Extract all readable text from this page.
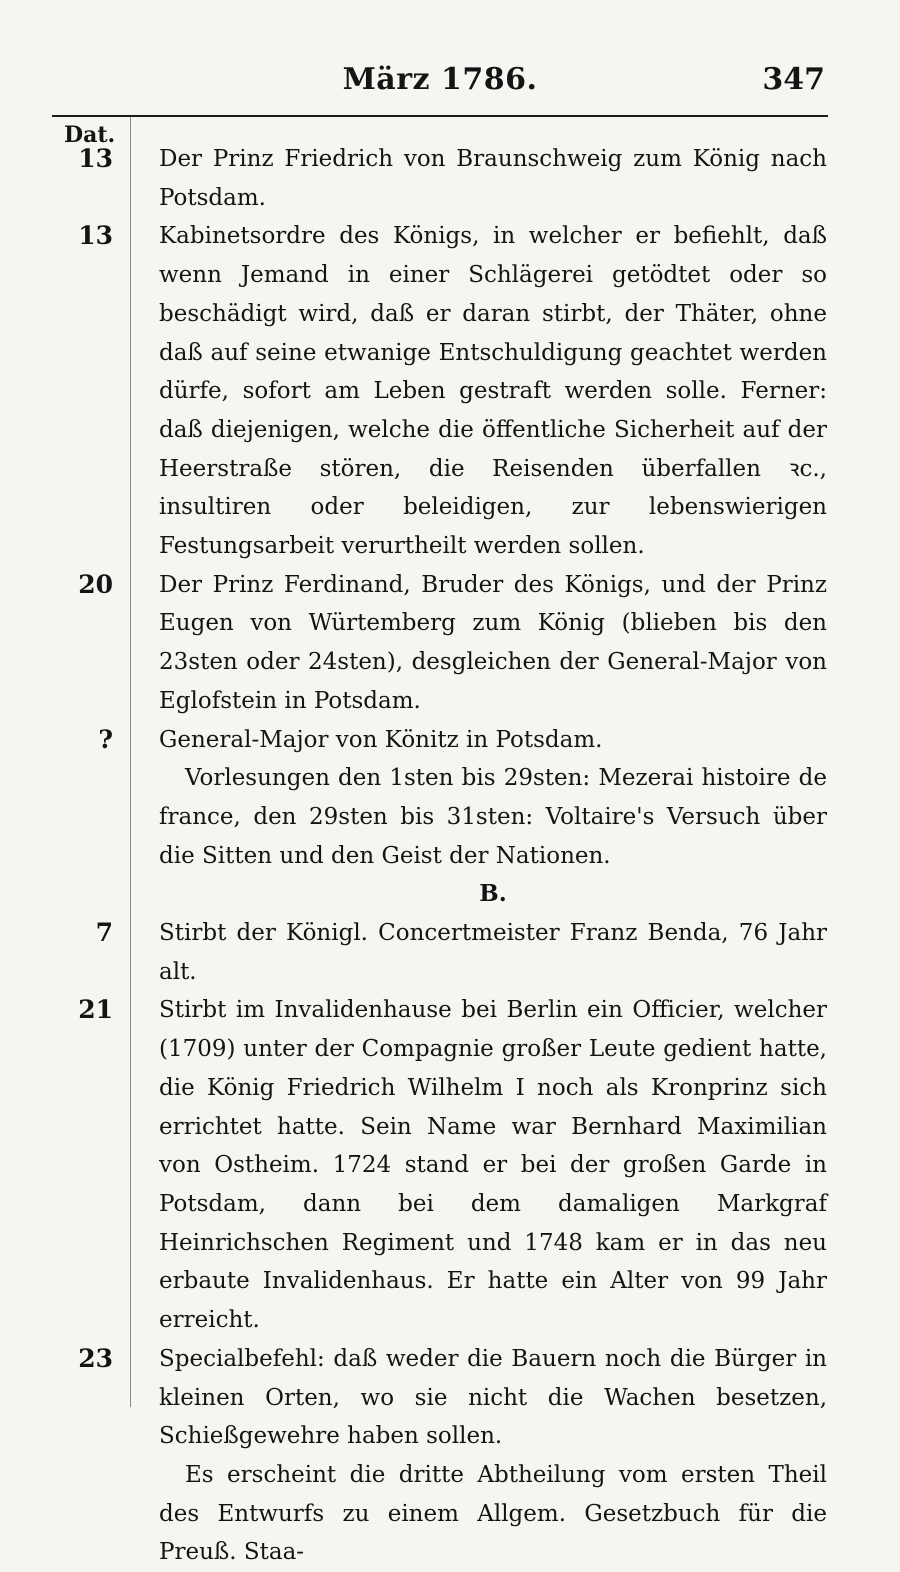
März 1786.	347
Dat.
13 Der Prinz Friedrich von Braunschweig zum König nach Potsdam.
13 Kabinetsordre des Königs, in welcher er befiehlt, daß wenn Jemand in einer Schlägerei getödtet oder so beschädigt wird, daß er daran stirbt, der Thäter, ohne daß auf seine etwanige Entschuldigung geachtet werden dürfe, sofort am Leben gestraft werden solle. Ferner: daß diejenigen, welche die öffentliche Sicherheit auf der Heerstraße stören, die Reisenden überfallen ꝛc., insultiren oder beleidigen, zur lebenswierigen Festungsarbeit verurtheilt werden sollen.
20 Der Prinz Ferdinand, Bruder des Königs, und der Prinz Eugen von Würtemberg zum König (blieben bis den 23sten oder 24sten), desgleichen der General-Major von Eglofstein in Potsdam.
? General-Major von Könitz in Potsdam.
Vorlesungen den 1sten bis 29sten: Mezerai histoire de france, den 29sten bis 31sten: Voltaire's Versuch über die Sitten und den Geist der Nationen.
B.
7 Stirbt der Königl. Concertmeister Franz Benda, 76 Jahr alt.
21 Stirbt im Invalidenhause bei Berlin ein Officier, welcher (1709) unter der Compagnie großer Leute gedient hatte, die König Friedrich Wilhelm I noch als Kronprinz sich errichtet hatte. Sein Name war Bernhard Maximilian von Ostheim. 1724 stand er bei der großen Garde in Potsdam, dann bei dem damaligen Markgraf Heinrichschen Regiment und 1748 kam er in das neu erbaute Invalidenhaus. Er hatte ein Alter von 99 Jahr erreicht.
23 Specialbefehl: daß weder die Bauern noch die Bürger in kleinen Orten, wo sie nicht die Wachen besetzen, Schießgewehre haben sollen.
Es erscheint die dritte Abtheilung vom ersten Theil des Entwurfs zu einem Allgem. Gesetzbuch für die Preuß. Staa-
